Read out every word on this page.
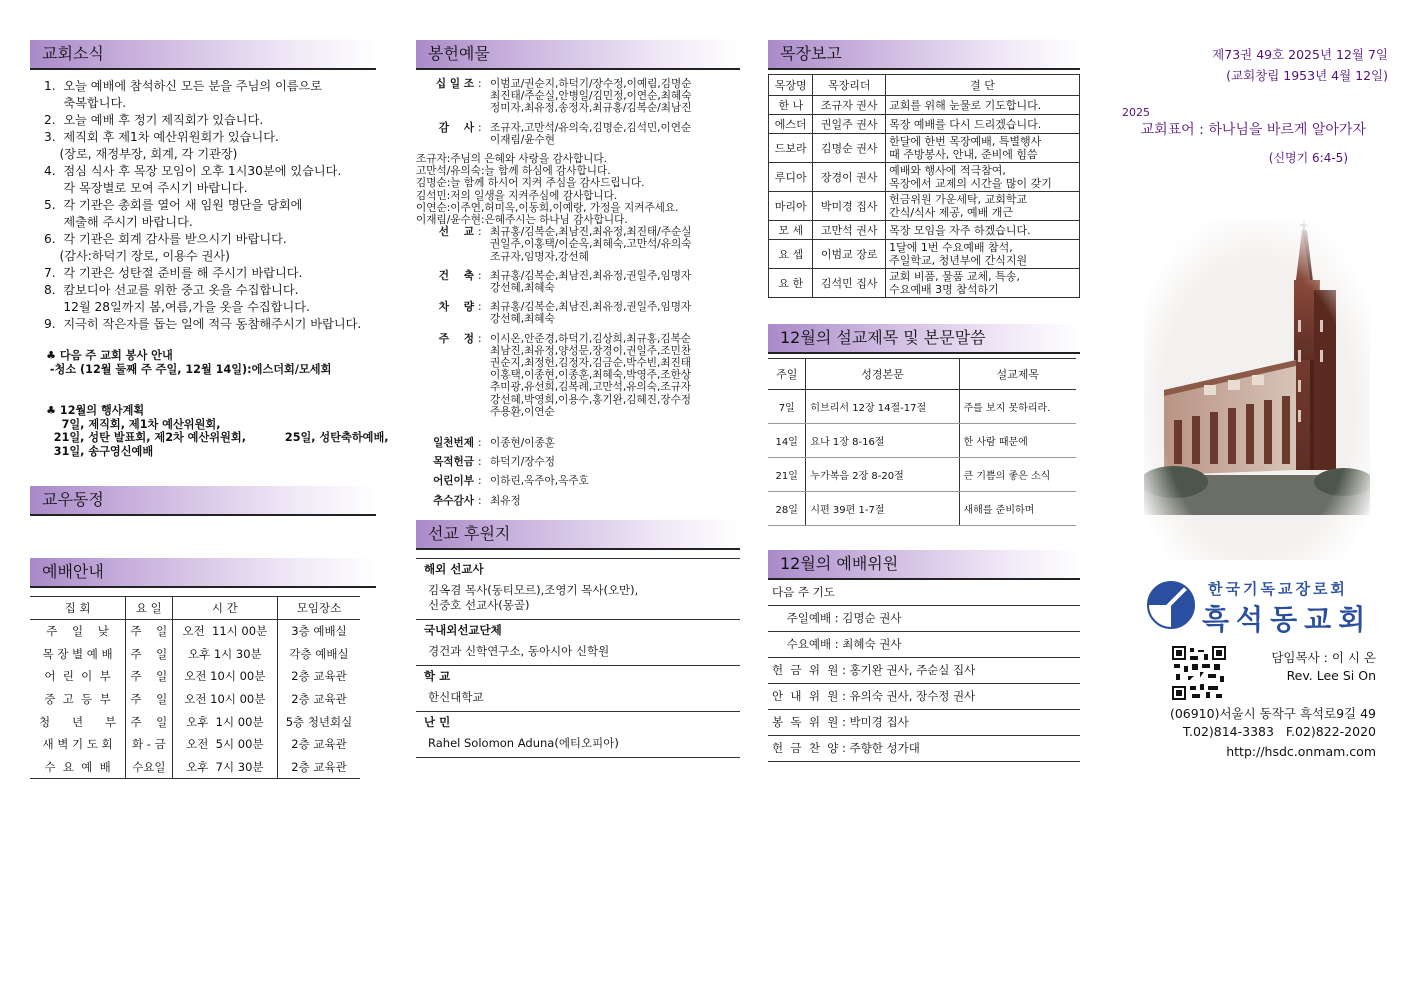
교회소식
1.  오늘 예배에 참석하신 모든 분을 주님의 이름으로
축복합니다.
2.  오늘 예배 후 정기 제직회가 있습니다.
3.  제직회 후 제1차 예산위원회가 있습니다.
(장로, 재정부장, 회계, 각 기관장)
4.  점심 식사 후 목장 모임이 오후 1시30분에 있습니다.
각 목장별로 모여 주시기 바랍니다.
5.  각 기관은 총회를 열어 새 임원 명단을 당회에
제출해 주시기 바랍니다.
6.  각 기관은 회계 감사를 받으시기 바랍니다.
(감사:하덕기 장로, 이용수 권사)
7.  각 기관은 성탄절 준비를 해 주시기 바랍니다.
8.  캄보디아 선교를 위한 중고 옷을 수집합니다.
12월 28일까지 봄,여름,가을 옷을 수집합니다.
9.  지극히 작은자를 돕는 일에 적극 동참해주시기 바랍니다.
♣ 다음 주 교회 봉사 안내
-청소 (12월 둘째 주 주일, 12월 14일):에스더회/모세회
♣ 12월의 행사계획
7일, 제직회, 제1차 예산위원회,
21일, 성탄 발표회, 제2차 예산위원회,          25일, 성탄축하예배,
31일, 송구영신예배
교우동정
예배안내
집 회	요 일	시 간	모임장소
주    일    낮	주    일	오전  11시 00분	3층 예배실
목 장 별 예 배	주    일	오후 1시 30분	각층 예배실
어  린  이  부	주    일	오전 10시 00분	2층 교육관
중  고  등  부	주    일	오전 10시 00분	2층 교육관
청      년      부	주    일	오후  1시 00분	5층 청년회실
새 벽 기 도 회	화 - 금	오전  5시 00분	2층 교육관
수  요  예  배	수요일	오후  7시 30분	2층 교육관
봉헌예물
십 일 조 : 이범교/권순지,하덕기/장수정,이예림,김명순
최진태/주순실,안병일/김민정,이연순,최혜숙
정미자,최유정,송정자,최규홍/김복순/최남진
감    사 : 조규자,고만석/유의숙,김명순,김석민,이연순
이재림/윤수현
조규자:주님의 은혜와 사랑을 감사합니다.
고만석/유의숙:늘 함께 하심에 감사합니다.
김명순:늘 함께 하시어 지켜 주심을 감사드립니다.
김석민:저의 일생을 지켜주심에 감사합니다.
이연순:이주연,허미옥,이동희,이예랑, 가정을 지켜주세요.
이재림/윤수현:은혜주시는 하나님 감사합니다.
선    교 : 최규홍/김복순,최남진,최유정,최진태/주순실
권일주,이홍택/이순옥,최혜숙,고만석/유의숙
조규자,임명자,강선혜
건    축 : 최규홍/김복순,최남진,최유정,권일주,임명자
강선혜,최혜숙
차    량 : 최규홍/김복순,최남진,최유정,권일주,임명자
강선혜,최혜숙
주    정 : 이시온,안준경,하덕기,김상희,최규홍,김복순
최남진,최유정,양성문,장경이,권일주,조민찬
권순지,최정헌,김정자,김금순,박수빈,최진태
이홍택,이종현,이종훈,최혜숙,박영주,조한상
추미광,유선희,김복례,고만석,유의숙,조규자
강선혜,박영희,이용수,홍기완,김혜진,장수정
주용환,이연순
일천번제 : 이종현/이종훈
목적헌금 : 하덕기/장수정
어린이부 : 이하린,옥주아,옥주호
추수감사 : 최유정
선교 후원지
해외 선교사
김옥겸 목사(동티모르),조영기 목사(오만),
신중호 선교사(몽골)
국내외선교단체
경건과 신학연구소, 동아시아 신학원
학 교
한신대학교
난 민
Rahel Solomon Aduna(에티오피아)
목장보고
목장명	목장리더	결 단
한 나	조규자 권사	교회를 위해 눈물로 기도합니다.
에스더	권일주 권사	목장 예배를 다시 드리겠습니다.
드보라	김명순 권사	한달에 한번 목장예배, 특별행사
때 주방봉사, 안내, 준비에 힘씀
루디아	장경이 권사	예배와 행사에 적극참여,
목장에서 교제의 시간을 많이 갖기
마리아	박미경 집사	헌금위원 가운세탁, 교회학교
간식/식사 제공, 예배 개근
모 세	고만석 권사	목장 모임을 자주 하겠습니다.
요 셉	이범교 장로	1달에 1번 수요예배 참석,
주일학교, 청년부에 간식지원
요 한	김석민 집사	교회 비품, 물품 교체, 특송,
수요예배 3명 참석하기
12월의 설교제목 및 본문말씀
주일	성경본문	설교제목
7일	히브리서 12장 14절-17절	주를 보지 못하리라.
14일	요나 1장 8-16절	한 사람 때문에
21일	누가복음 2장 8-20절	큰 기쁨의 좋은 소식
28일	시편 39편 1-7절	새해를 준비하며
12월의 예배위원
다음 주 기도
주일예배 : 김명순 권사
수요예배 : 최혜숙 권사
헌  금  위  원 : 홍기완 권사, 주순실 집사
안  내  위  원 : 유의숙 권사, 장수정 권사
봉  독  위  원 : 박미경 집사
헌  금  찬  양 : 주향한 성가대
제73권 49호 2025년 12월 7일
(교회창립 1953년 4월 12일)
2025
교회표어 : 하나님을 바르게 알아가자
(신명기 6:4-5)
한국기독교장로회
흑석동교회
담임목사 : 이 시 온
Rev. Lee Si On
(06910)서울시 동작구 흑석로9길 49
T.02)814-3383   F.02)822-2020
http://hsdc.onmam.com
